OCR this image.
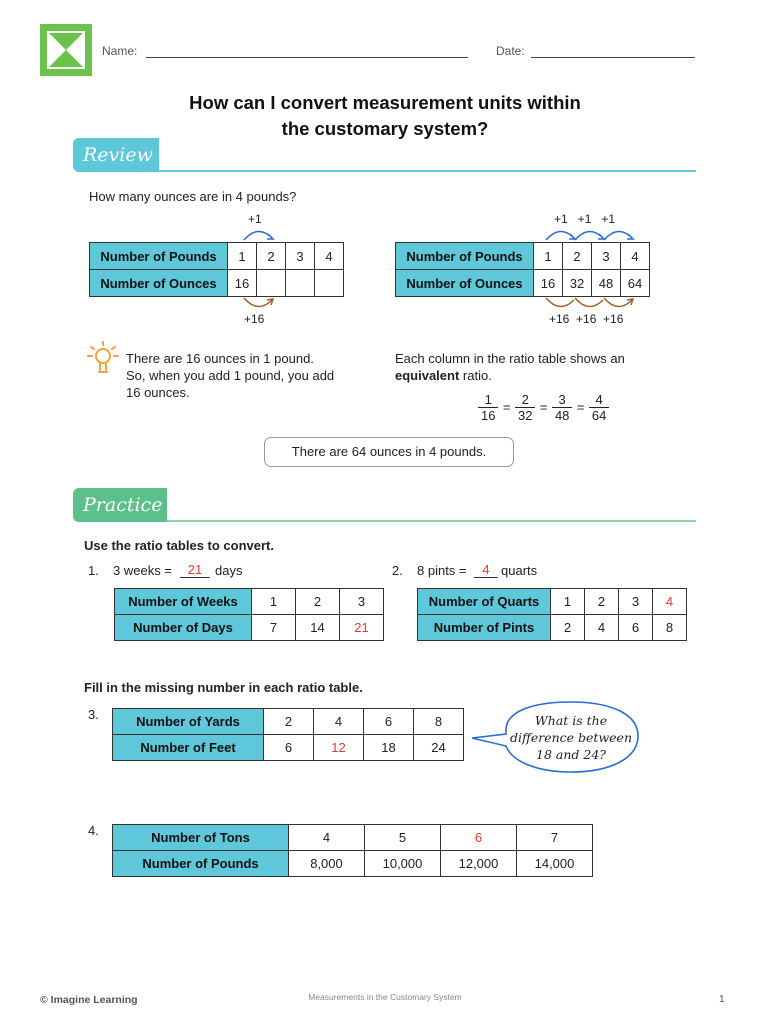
Name:	Date:
How can I convert measurement units within
the customary system?
Review
How many ounces are in 4 pounds?
+1
Number of Pounds	1	2	3	4
Number of Ounces	16			
+16
+1   +1   +1
Number of Pounds	1	2	3	4
Number of Ounces	16	32	48	64
+16  +16  +16
There are 16 ounces in 1 pound.
So, when you add 1 pound, you add
16 ounces.
Each column in the ratio table shows an
equivalent ratio.
$\frac{1}{16} = \frac{2}{32} = \frac{3}{48} = \frac{4}{64}$
There are 64 ounces in 4 pounds.
Practice
Use the ratio tables to convert.
1. 3 weeks =	21 days
Number of Weeks	1	2	3
Number of Days	7	14	21
2. 8 pints =	4 quarts
Number of Quarts	1	2	3	4
Number of Pints	2	4	6	8
Fill in the missing number in each ratio table.
3.	Number of Yards	2	4	6	8
Number of Feet	6	12	18	24
What is the
difference between
18 and 24?
4.	Number of Tons	4	5	6	7
Number of Pounds	8,000	10,000	12,000	14,000
© Imagine Learning	Measurements in the Customary System	1
